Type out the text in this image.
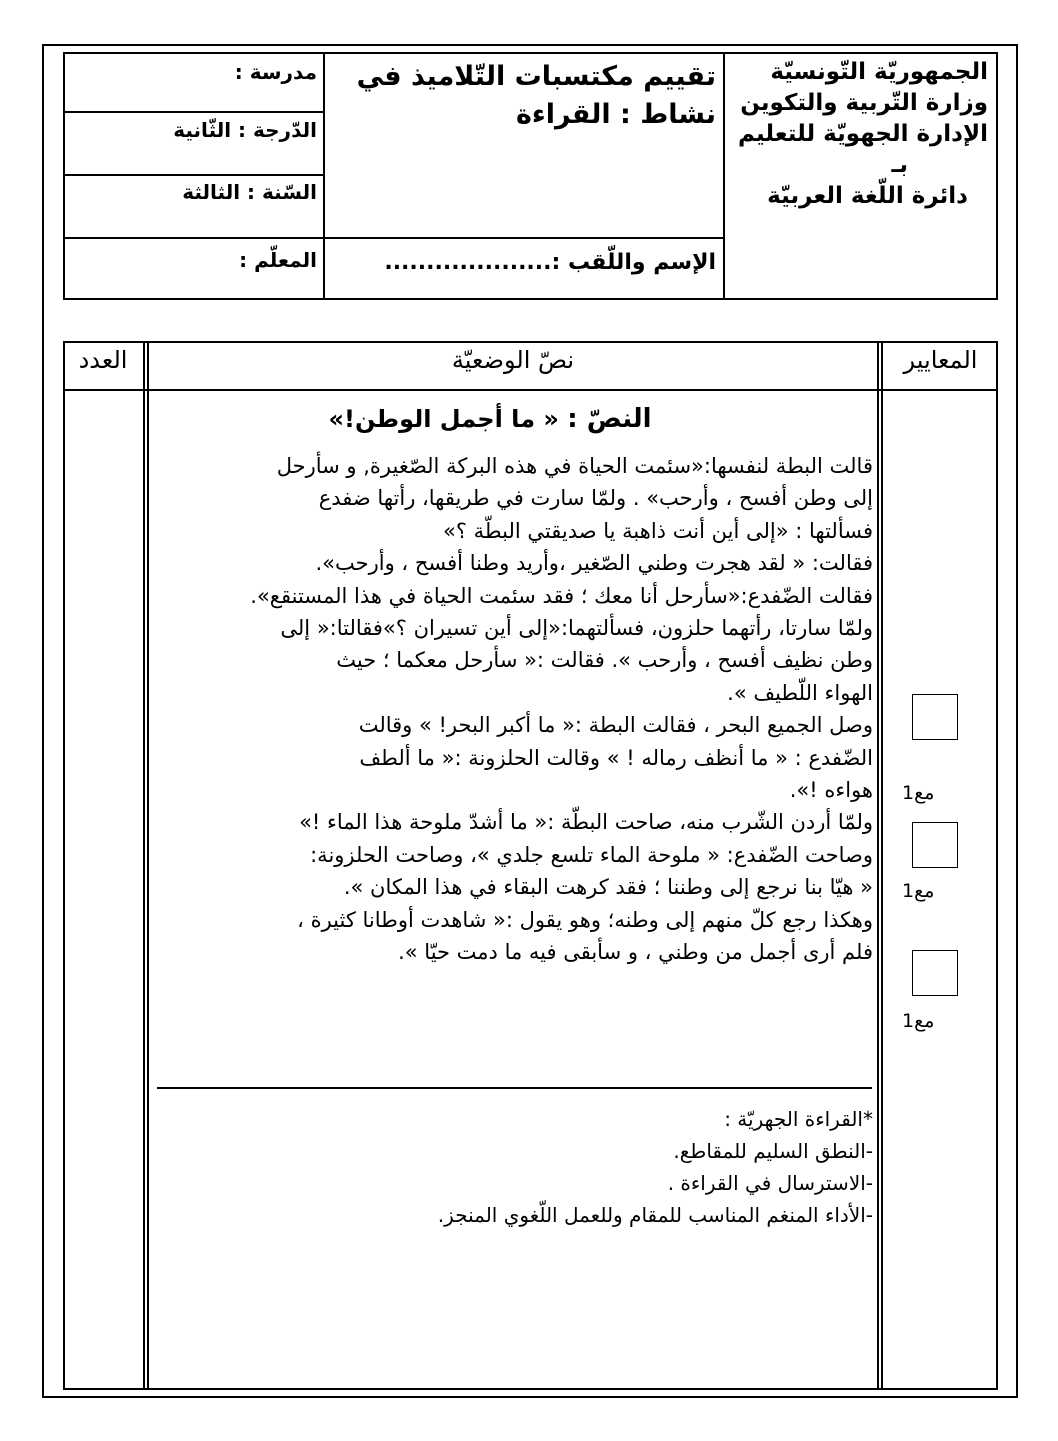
الجمهوريّة التّونسيّة
وزارة التّربية والتكوين
الإدارة الجهويّة للتعليم
بـ
دائرة اللّغة العربيّة
تقييم مكتسبات التّلاميذ في
نشاط : القراءة
الإسم واللّقب :....................
مدرسة :
الدّرجة : الثّانية
السّنة : الثالثة
المعلّم :
المعايير
نصّ الوضعيّة
العدد
النصّ : « ما أجمل الوطن!»
قالت البطة لنفسها:«سئمت الحياة في هذه البركة الصّغيرة, و سأرحل
إلى وطن أفسح ، وأرحب» . ولمّا سارت في طريقها، رأتها ضفدع
فسألتها : «إلى أين أنت ذاهبة يا صديقتي البطّة ؟»
فقالت: « لقد هجرت وطني الصّغير ،وأريد وطنا أفسح ، وأرحب».
فقالت الضّفدع:«سأرحل أنا معك ؛ فقد سئمت الحياة في هذا المستنقع».
ولمّا سارتا، رأتهما حلزون، فسألتهما:«إلى أين تسيران ؟»فقالتا:« إلى
وطن نظيف أفسح ، وأرحب ». فقالت :« سأرحل معكما ؛ حيث
الهواء اللّطيف ».
وصل الجميع البحر ، فقالت البطة :« ما أكبر البحر! » وقالت
الضّفدع : « ما أنظف رماله ! » وقالت الحلزونة :« ما ألطف
هواءه !».
ولمّا أردن الشّرب منه، صاحت البطّة :« ما أشدّ ملوحة هذا الماء !»
وصاحت الضّفدع: « ملوحة الماء تلسع جلدي »، وصاحت الحلزونة:
« هيّا بنا نرجع إلى وطننا ؛ فقد كرهت البقاء في هذا المكان ».
وهكذا رجع كلّ منهم إلى وطنه؛ وهو يقول :« شاهدت أوطانا كثيرة ،
فلم أرى أجمل من وطني ، و سأبقى فيه ما دمت حيّا ».
*القراءة الجهريّة :
-النطق السليم للمقاطع.
-الاسترسال في القراءة .
-الأداء المنغم المناسب للمقام وللعمل اللّغوي المنجز.
مع1
مع1
مع1
